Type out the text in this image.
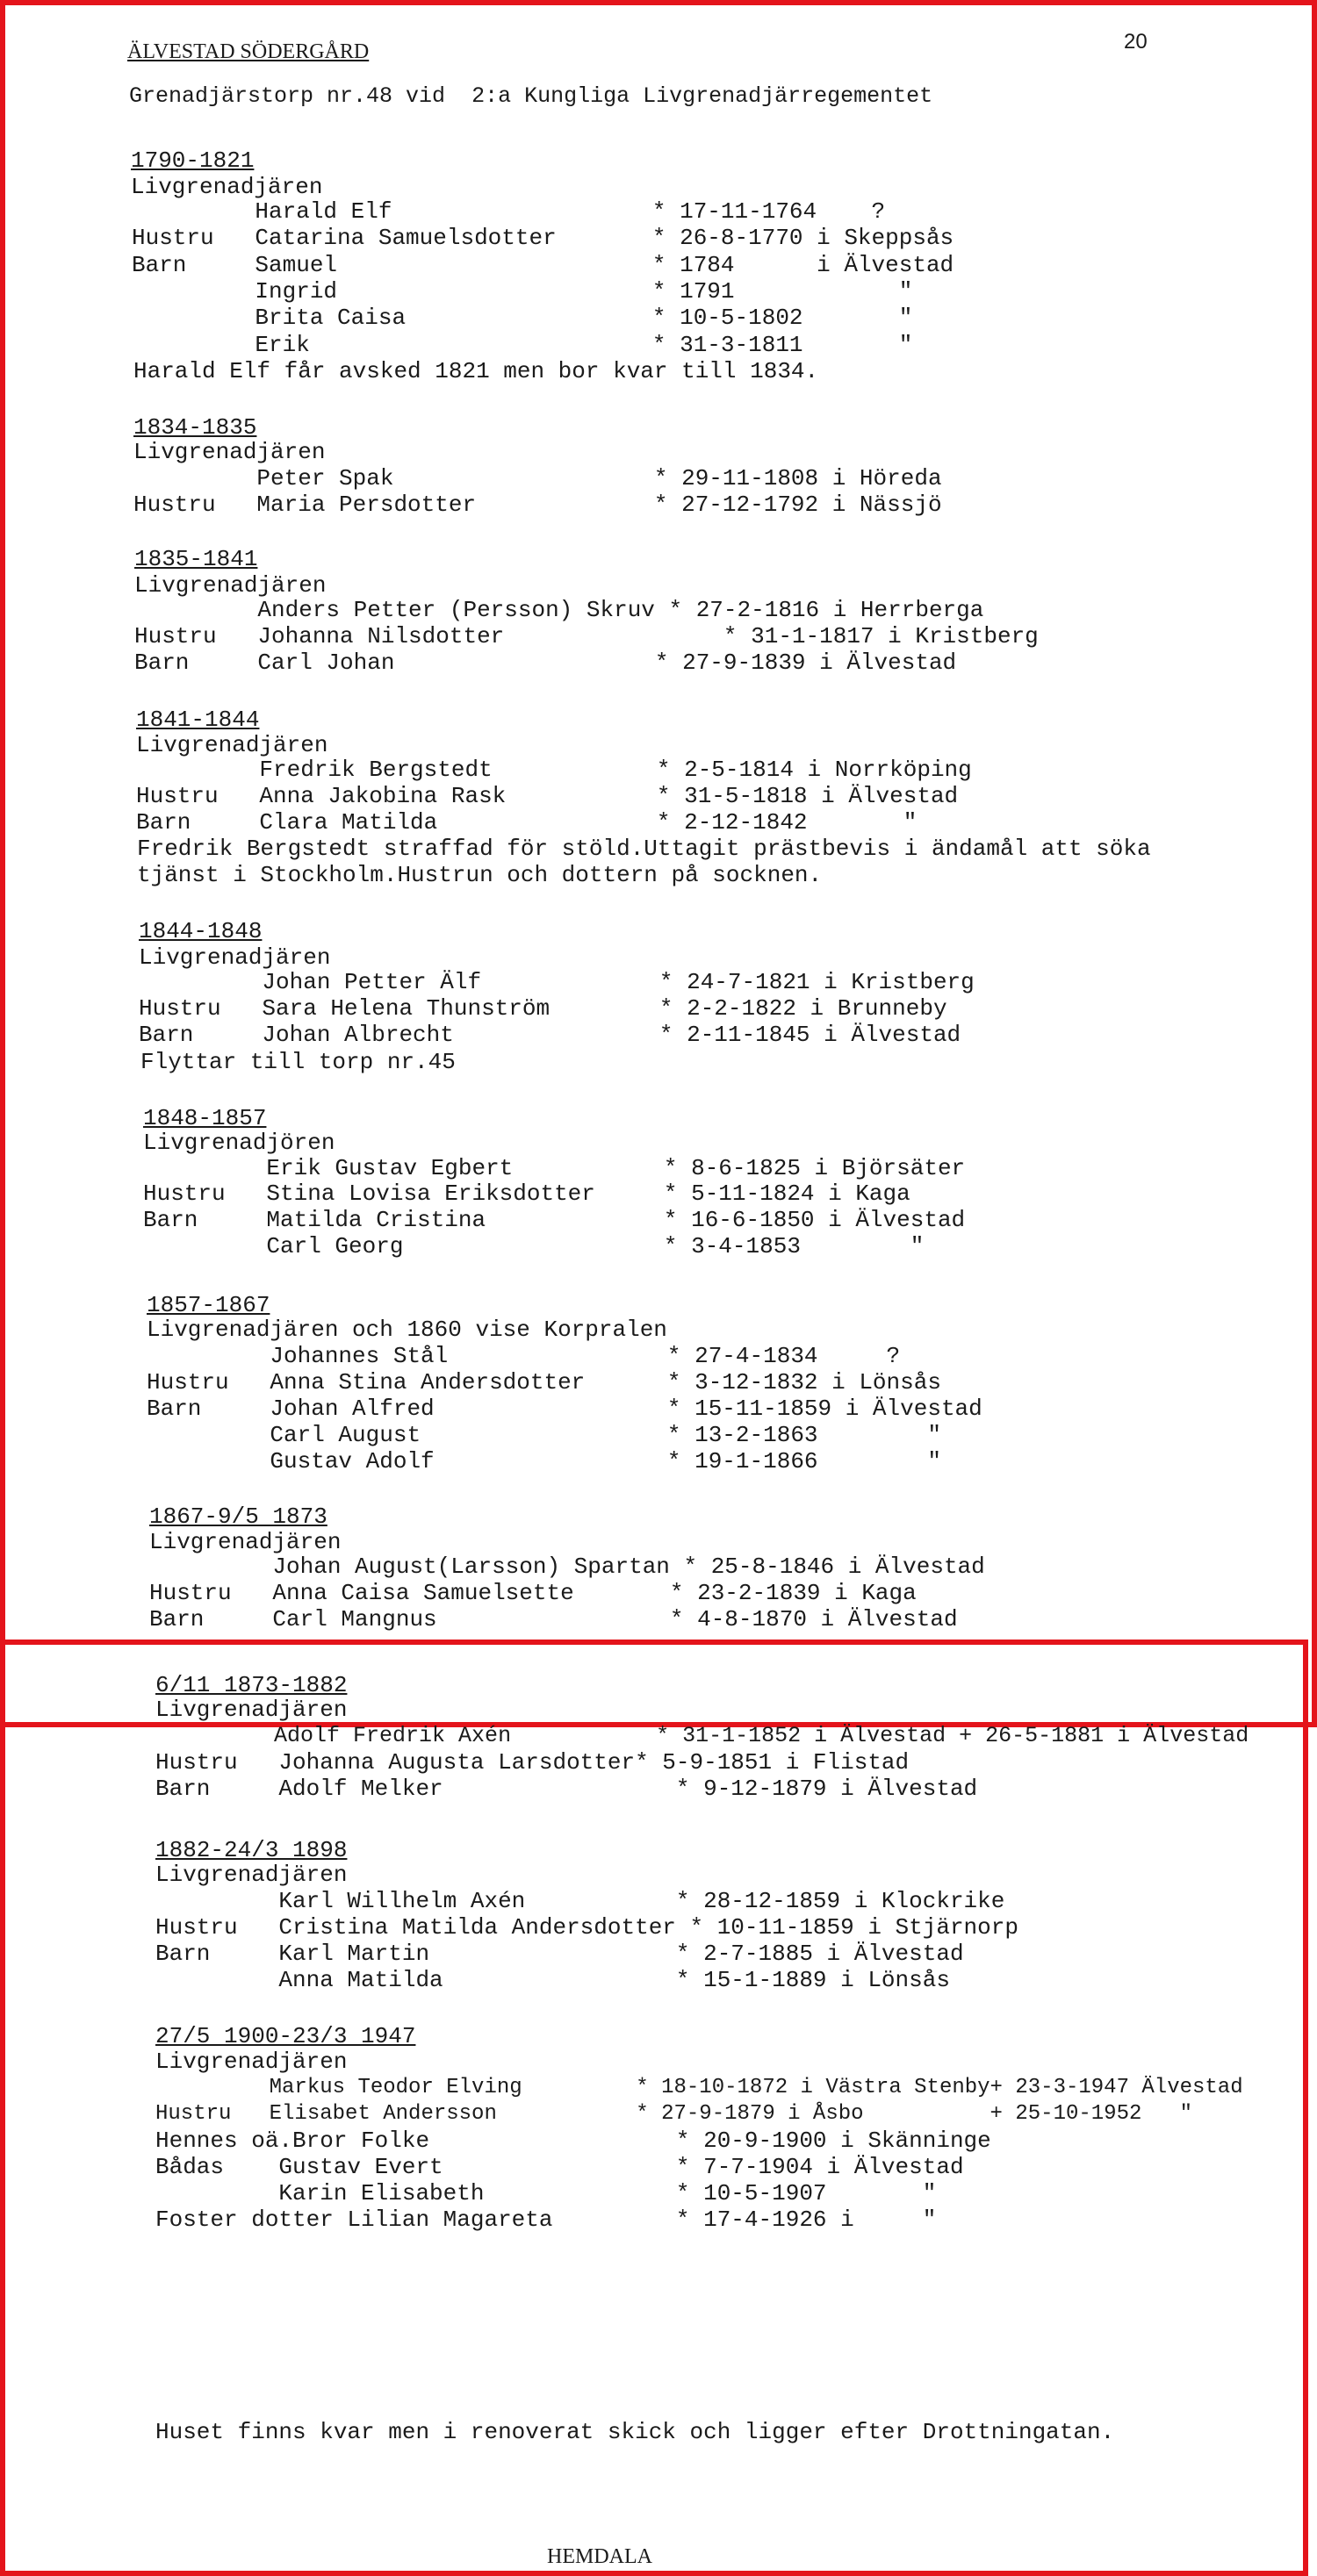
ÄLVESTAD SÖDERGÅRD	20
Grenadjärstorp nr.48 vid  2:a Kungliga Livgrenadjärregementet
1790-1821
Livgrenadjären
Harald Elf                   * 17-11-1764    ?
Hustru   Catarina Samuelsdotter       * 26-8-1770 i Skeppsås
Barn     Samuel                       * 1784      i Älvestad
Ingrid                       * 1791            "
Brita Caisa                  * 10-5-1802       "
Erik                         * 31-3-1811       "
Harald Elf får avsked 1821 men bor kvar till 1834.
1834-1835
Livgrenadjären
Peter Spak                   * 29-11-1808 i Höreda
Hustru   Maria Persdotter             * 27-12-1792 i Nässjö
1835-1841
Livgrenadjären
Anders Petter (Persson) Skruv * 27-2-1816 i Herrberga
Hustru   Johanna Nilsdotter                * 31-1-1817 i Kristberg
Barn     Carl Johan                   * 27-9-1839 i Älvestad
1841-1844
Livgrenadjären
Fredrik Bergstedt            * 2-5-1814 i Norrköping
Hustru   Anna Jakobina Rask           * 31-5-1818 i Älvestad
Barn     Clara Matilda                * 2-12-1842       "
Fredrik Bergstedt straffad för stöld.Uttagit prästbevis i ändamål att söka
tjänst i Stockholm.Hustrun och dottern på socknen.
1844-1848
Livgrenadjären
Johan Petter Älf             * 24-7-1821 i Kristberg
Hustru   Sara Helena Thunström        * 2-2-1822 i Brunneby
Barn     Johan Albrecht               * 2-11-1845 i Älvestad
Flyttar till torp nr.45
1848-1857
Livgrenadjören
Erik Gustav Egbert           * 8-6-1825 i Björsäter
Hustru   Stina Lovisa Eriksdotter     * 5-11-1824 i Kaga
Barn     Matilda Cristina             * 16-6-1850 i Älvestad
Carl Georg                   * 3-4-1853        "
1857-1867
Livgrenadjären och 1860 vise Korpralen
Johannes Stål                * 27-4-1834     ?
Hustru   Anna Stina Andersdotter      * 3-12-1832 i Lönsås
Barn     Johan Alfred                 * 15-11-1859 i Älvestad
Carl August                  * 13-2-1863        "
Gustav Adolf                 * 19-1-1866        "
1867-9/5 1873
Livgrenadjären
Johan August(Larsson) Spartan * 25-8-1846 i Älvestad
Hustru   Anna Caisa Samuelsette       * 23-2-1839 i Kaga
Barn     Carl Mangnus                 * 4-8-1870 i Älvestad
6/11 1873-1882
Livgrenadjären
Adolf Fredrik Axén           * 31-1-1852 i Älvestad + 26-5-1881 i Älvestad
Hustru   Johanna Augusta Larsdotter* 5-9-1851 i Flistad
Barn     Adolf Melker                 * 9-12-1879 i Älvestad
1882-24/3 1898
Livgrenadjären
Karl Willhelm Axén           * 28-12-1859 i Klockrike
Hustru   Cristina Matilda Andersdotter * 10-11-1859 i Stjärnorp
Barn     Karl Martin                  * 2-7-1885 i Älvestad
Anna Matilda                 * 15-1-1889 i Lönsås
27/5 1900-23/3 1947
Livgrenadjären
Markus Teodor Elving         * 18-10-1872 i Västra Stenby+ 23-3-1947 Älvestad
Hustru   Elisabet Andersson           * 27-9-1879 i Åsbo          + 25-10-1952   "
Hennes oä.Bror Folke                  * 20-9-1900 i Skänninge
Bådas    Gustav Evert                 * 7-7-1904 i Älvestad
Karin Elisabeth              * 10-5-1907       "
Foster dotter Lilian Magareta         * 17-4-1926 i     "
Huset finns kvar men i renoverat skick och ligger efter Drottningatan.
HEMDALA
